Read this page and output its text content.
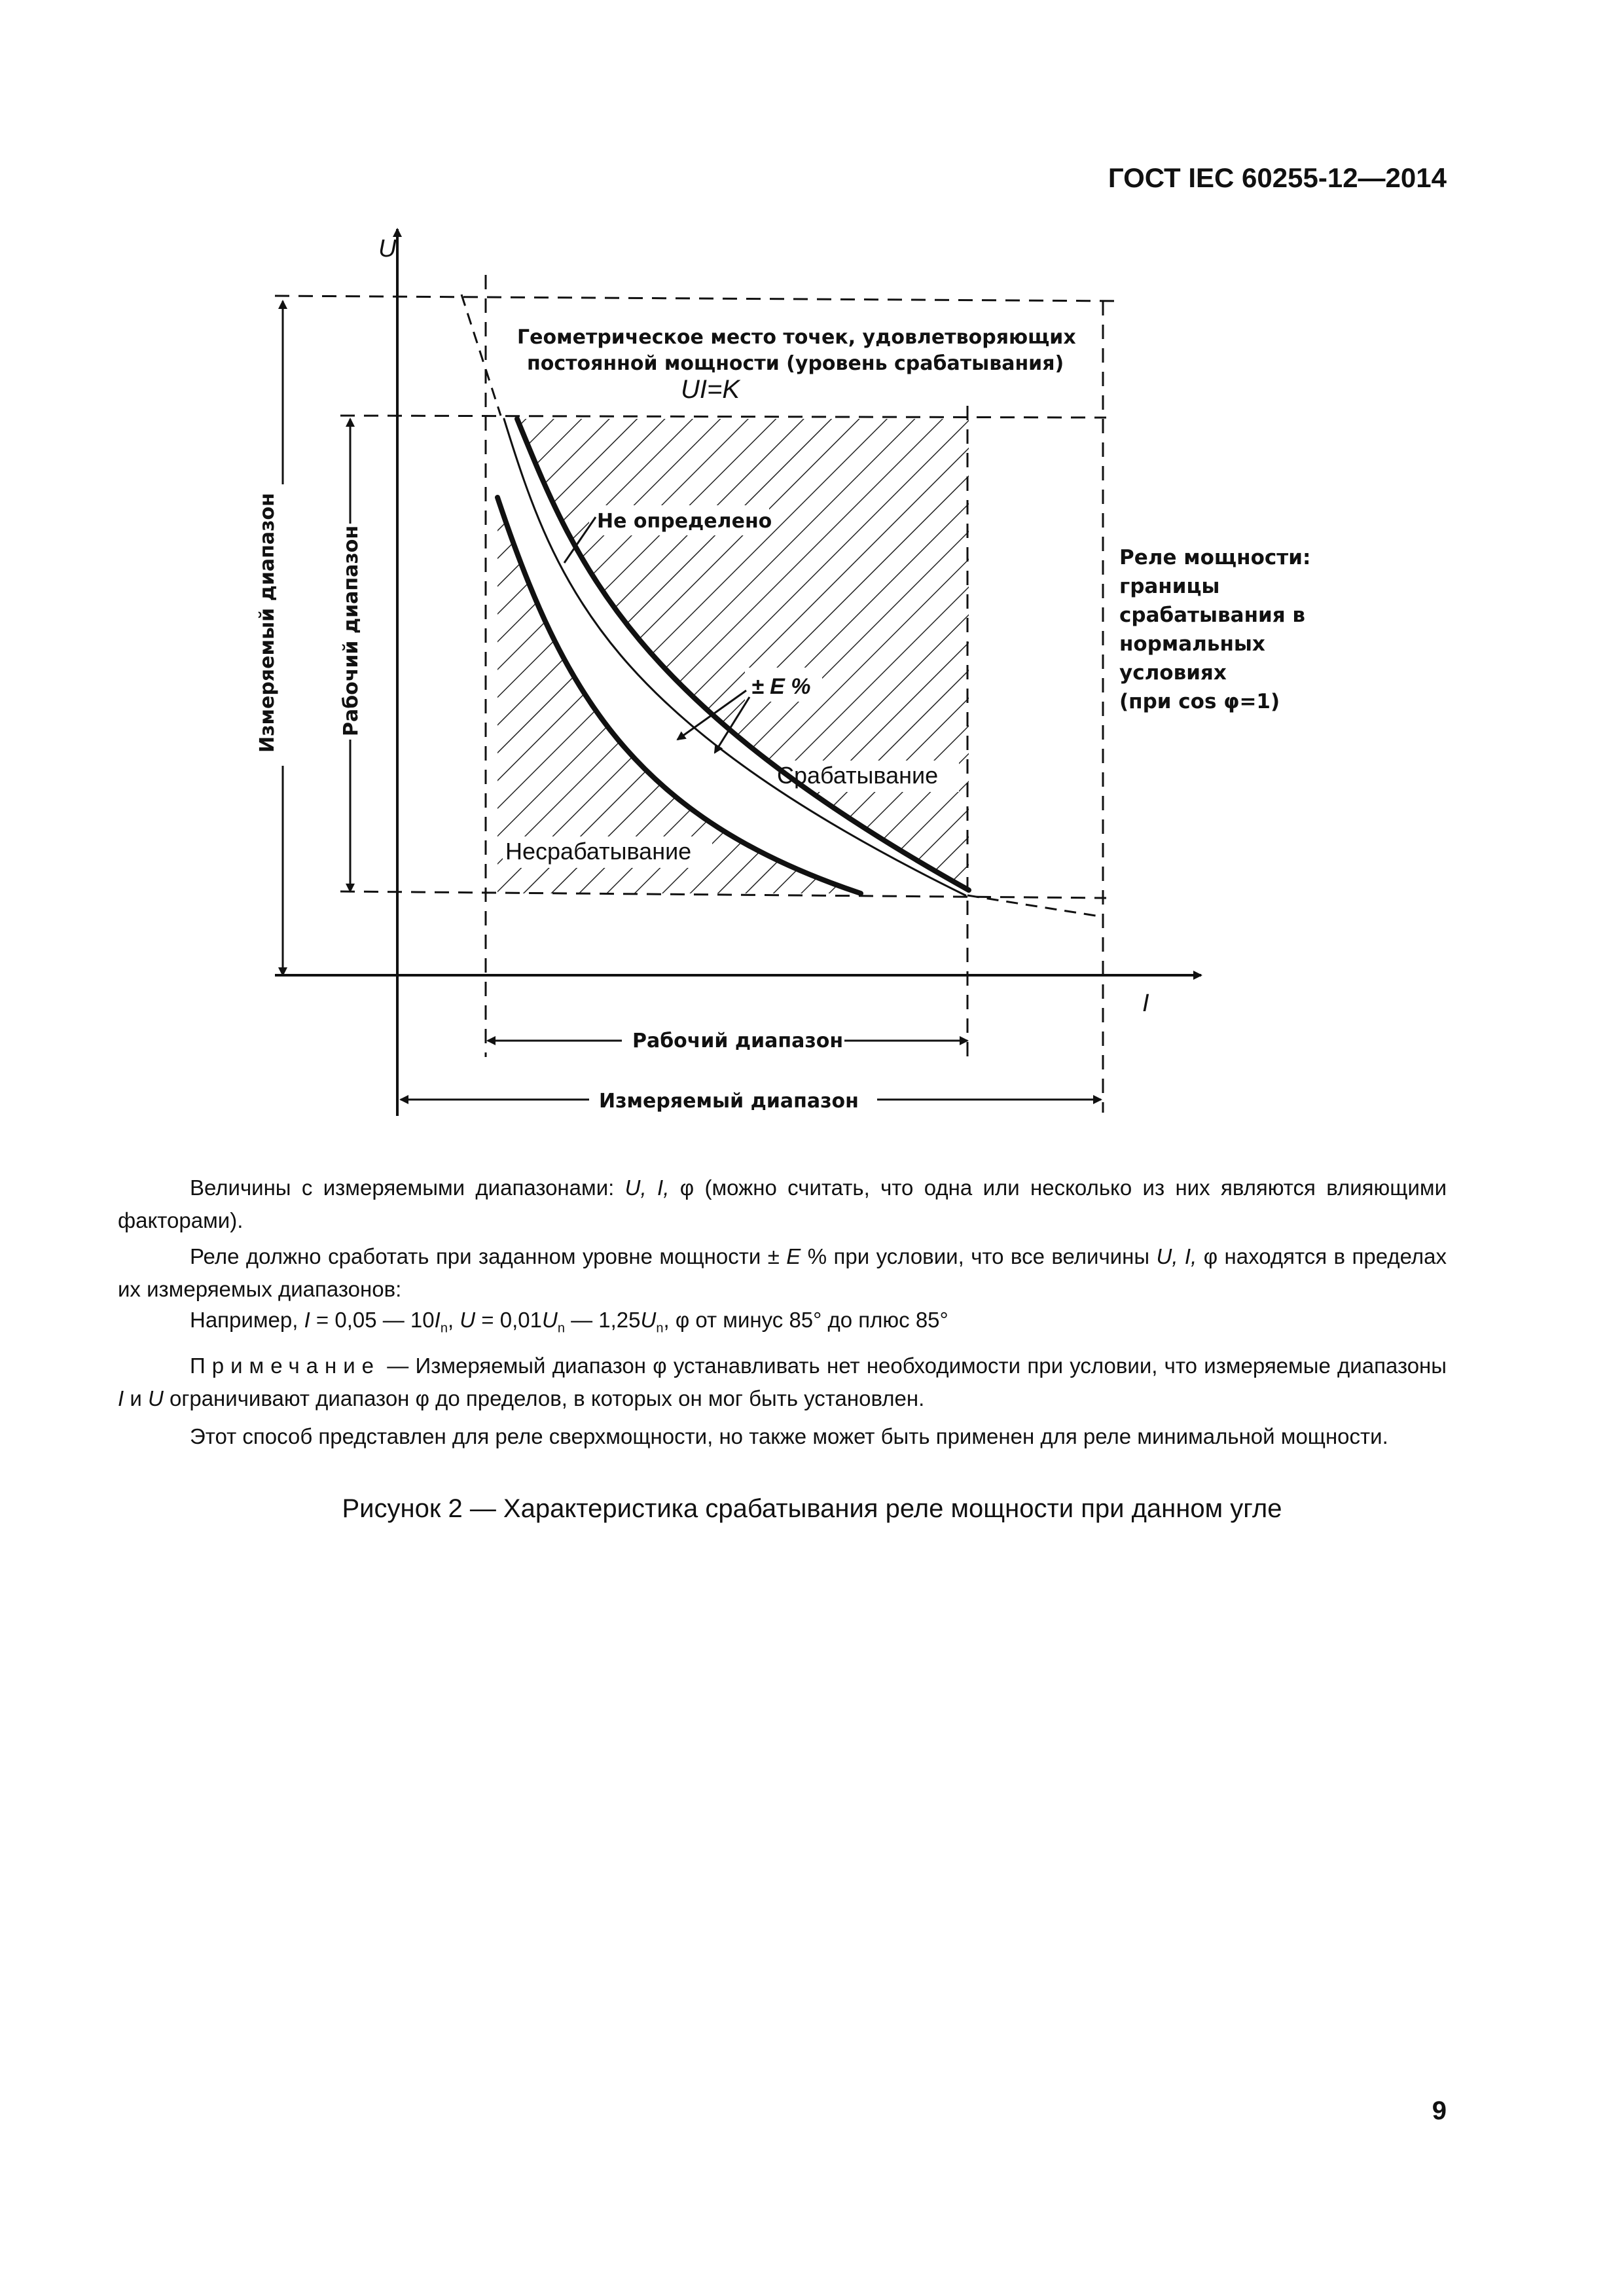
ГОСТ IEC 60255-12—2014
U
I
Геометрическое место точек, удовлетворяющих
постоянной мощности (уровень срабатывания)
UI=K
Не определено
± E %
Срабатывание
Несрабатывание
Измеряемый диапазон	Рабочий диапазон
Рабочий диапазон
Измеряемый диапазон
Реле мощности:
границы
срабатывания в
нормальных
условиях
(при cos φ=1)

Величины с измеряемыми диапазонами: U, I, φ (можно считать, что одна или несколько из них являются влияющими факторами).

Реле должно сработать при заданном уровне мощности ± E % при условии, что все величины U, I, φ находятся в пределах их измеряемых диапазонов:

Например, I = 0,05 — $10I_n$, $U = 0,01U_n$ — $1,25U_n$, φ от минус 85° до плюс 85°

Примечание — Измеряемый диапазон φ устанавливать нет необходимости при условии, что измеряемые диапазоны I и U ограничивают диапазон φ до пределов, в которых он мог быть установлен.

Этот способ представлен для реле сверхмощности, но также может быть применен для реле минимальной мощности.

Рисунок 2 — Характеристика срабатывания реле мощности при данном угле
9
